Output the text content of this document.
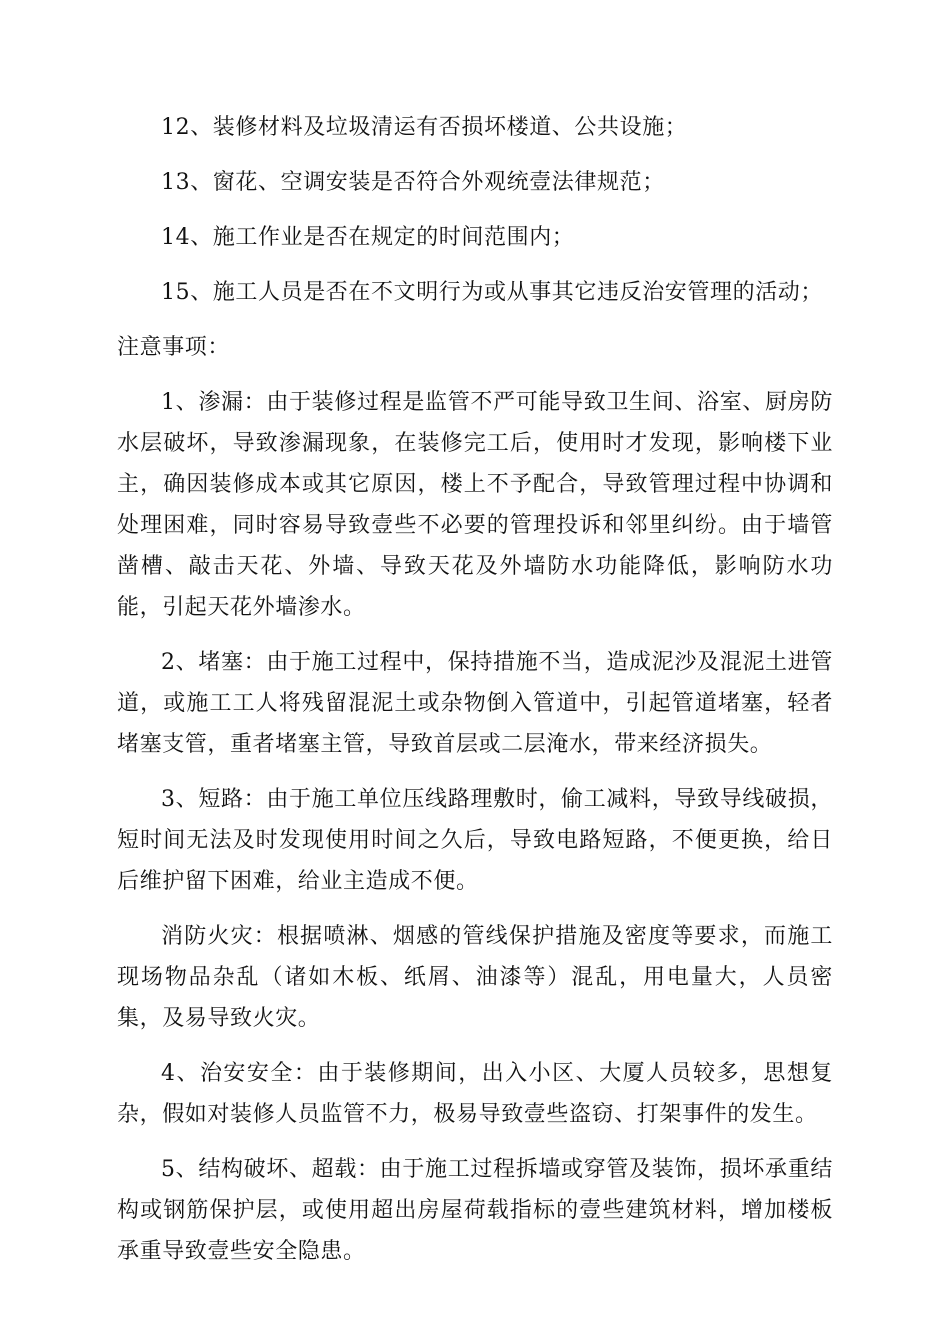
12、装修材料及垃圾清运有否损坏楼道、公共设施；

13、窗花、空调安装是否符合外观统壹法律规范；

14、施工作业是否在规定的时间范围内；

15、施工人员是否在不文明行为或从事其它违反治安管理的活动；

注意事项：

1、渗漏：由于装修过程是监管不严可能导致卫生间、浴室、厨房防水层破坏，导致渗漏现象，在装修完工后，使用时才发现，影响楼下业主，确因装修成本或其它原因，楼上不予配合，导致管理过程中协调和处理困难，同时容易导致壹些不必要的管理投诉和邻里纠纷。由于墙管凿槽、敲击天花、外墙、导致天花及外墙防水功能降低，影响防水功能，引起天花外墙渗水。

2、堵塞：由于施工过程中，保持措施不当，造成泥沙及混泥土进管道，或施工工人将残留混泥土或杂物倒入管道中，引起管道堵塞，轻者堵塞支管，重者堵塞主管，导致首层或二层淹水，带来经济损失。

3、短路：由于施工单位压线路理敷时，偷工减料，导致导线破损，短时间无法及时发现使用时间之久后，导致电路短路，不便更换，给日后维护留下困难，给业主造成不便。

消防火灾：根据喷淋、烟感的管线保护措施及密度等要求，而施工现场物品杂乱（诸如木板、纸屑、油漆等）混乱，用电量大，人员密集，及易导致火灾。

4、治安安全：由于装修期间，出入小区、大厦人员较多，思想复杂，假如对装修人员监管不力，极易导致壹些盗窃、打架事件的发生。

5、结构破坏、超载：由于施工过程拆墙或穿管及装饰，损坏承重结构或钢筋保护层，或使用超出房屋荷载指标的壹些建筑材料，增加楼板承重导致壹些安全隐患。
